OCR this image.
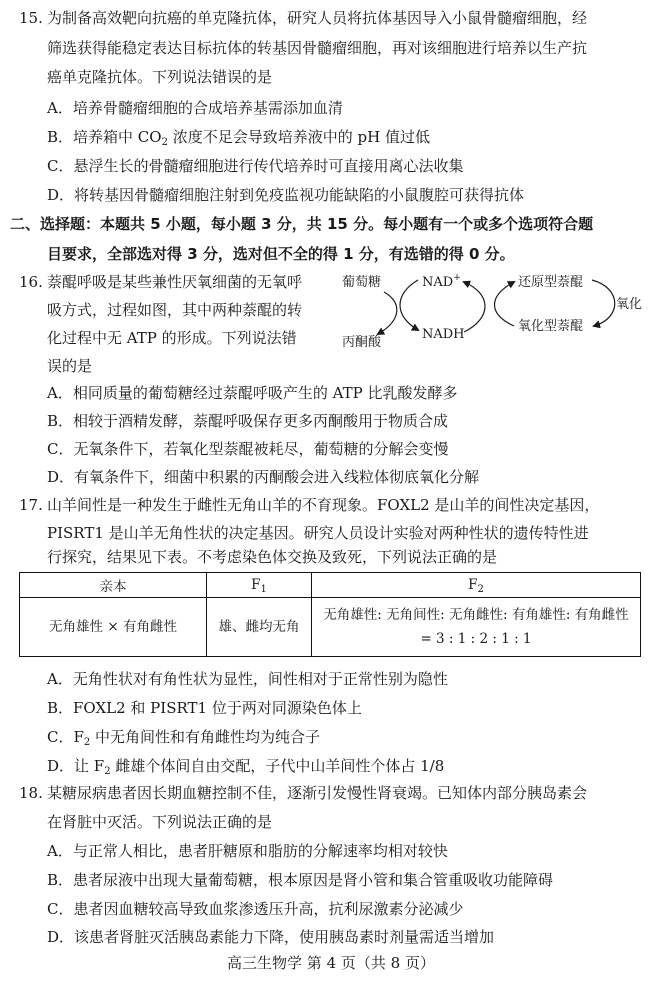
15. 为制备高效靶向抗癌的单克隆抗体，研究人员将抗体基因导入小鼠骨髓瘤细胞，经
筛选获得能稳定表达目标抗体的转基因骨髓瘤细胞，再对该细胞进行培养以生产抗
癌单克隆抗体。下列说法错误的是
A．培养骨髓瘤细胞的合成培养基需添加血清
B．培养箱中 $CO_2$ 浓度不足会导致培养液中的 pH 值过低
C．悬浮生长的骨髓瘤细胞进行传代培养时可直接用离心法收集
D．将转基因骨髓瘤细胞注射到免疫监视功能缺陷的小鼠腹腔可获得抗体
二、选择题：本题共 5 小题，每小题 3 分，共 15 分。每小题有一个或多个选项符合题
目要求，全部选对得 3 分，选对但不全的得 1 分，有选错的得 0 分。
16. 萘醌呼吸是某些兼性厌氧细菌的无氧呼
吸方式，过程如图，其中两种萘醌的转
化过程中无 ATP 的形成。下列说法错
误的是
葡萄糖
丙酮酸
NAD+
NADH
还原型萘醌
氧化型萘醌
氧化
A．相同质量的葡萄糖经过萘醌呼吸产生的 ATP 比乳酸发酵多
B．相较于酒精发酵，萘醌呼吸保存更多丙酮酸用于物质合成
C．无氧条件下，若氧化型萘醌被耗尽，葡萄糖的分解会变慢
D．有氧条件下，细菌中积累的丙酮酸会进入线粒体彻底氧化分解
17. 山羊间性是一种发生于雌性无角山羊的不育现象。FOXL2 是山羊的间性决定基因，
PISRT1 是山羊无角性状的决定基因。研究人员设计实验对两种性状的遗传特性进
行探究，结果见下表。不考虑染色体交换及致死，下列说法正确的是
亲本	$F_1$	$F_2$
无角雄性 × 有角雌性	雄、雌均无角	无角雄性: 无角间性: 无角雌性: 有角雄性: 有角雌性
= 3 : 1 : 2 : 1 : 1
A．无角性状对有角性状为显性，间性相对于正常性别为隐性
B．FOXL2 和 PISRT1 位于两对同源染色体上
C．$F_2$ 中无角间性和有角雌性均为纯合子
D．让 $F_2$ 雌雄个体间自由交配，子代中山羊间性个体占 1/8
18. 某糖尿病患者因长期血糖控制不佳，逐渐引发慢性肾衰竭。已知体内部分胰岛素会
在肾脏中灭活。下列说法正确的是
A．与正常人相比，患者肝糖原和脂肪的分解速率均相对较快
B．患者尿液中出现大量葡萄糖，根本原因是肾小管和集合管重吸收功能障碍
C．患者因血糖较高导致血浆渗透压升高，抗利尿激素分泌减少
D．该患者肾脏灭活胰岛素能力下降，使用胰岛素时剂量需适当增加
高三生物学 第 4 页（共 8 页）
